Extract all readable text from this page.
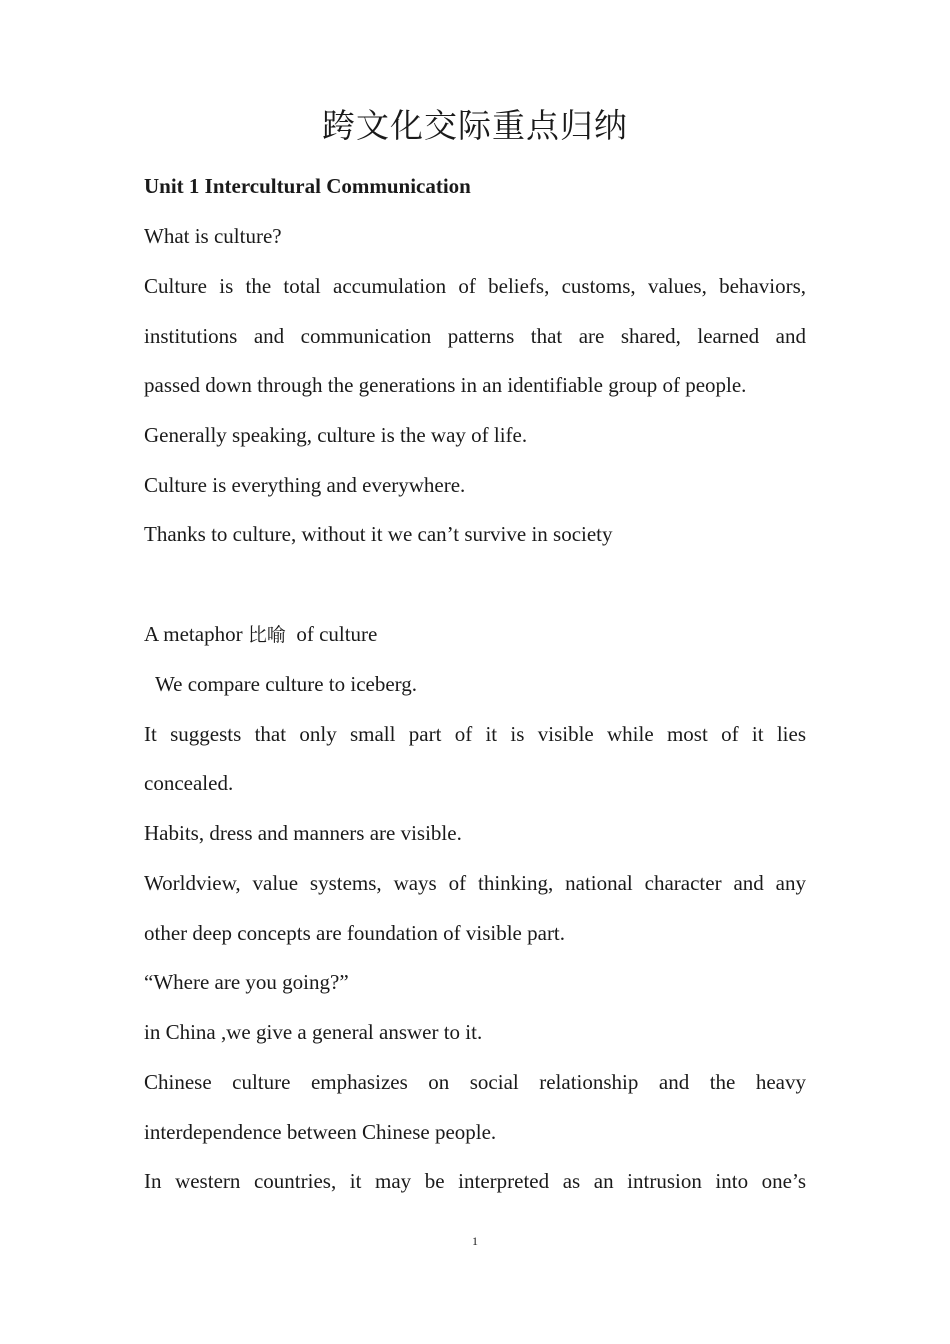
跨文化交际重点归纳

Unit 1 Intercultural Communication

What is culture?

Culture is the total accumulation of beliefs, customs, values, behaviors,

institutions and communication patterns that are shared, learned and

passed down through the generations in an identifiable group of people.

Generally speaking, culture is the way of life.

Culture is everything and everywhere.

Thanks to culture, without it we can’t survive in society

A metaphor 比喻  of culture

We compare culture to iceberg.

It suggests that only small part of it is visible while most of it lies

concealed.

Habits, dress and manners are visible.

Worldview, value systems, ways of thinking, national character and any

other deep concepts are foundation of visible part.

“Where are you going?”

in China ,we give a general answer to it.

Chinese culture emphasizes on social relationship and the heavy

interdependence between Chinese people.

In western countries, it may be interpreted as an intrusion into one’s

1
